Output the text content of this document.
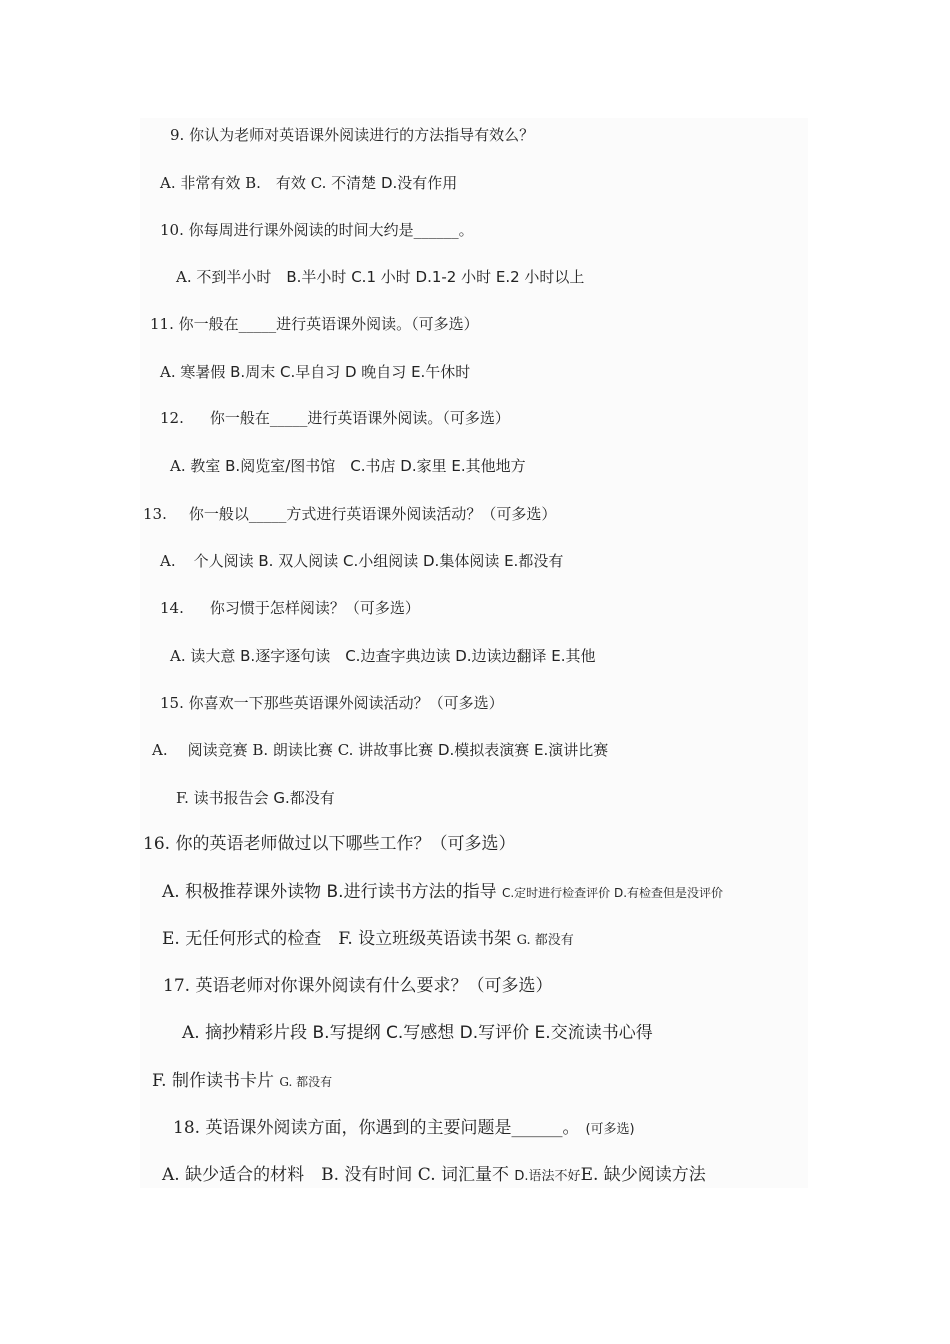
9. 你认为老师对英语课外阅读进行的方法指导有效么？
A. 非常有效 B.　有效 C. 不清楚 D.没有作用
10. 你每周进行课外阅读的时间大约是______。
A. 不到半小时　B.半小时 C.1 小时 D.1-2 小时 E.2 小时以上
11. 你一般在_____进行英语课外阅读。（可多选）
A. 寒暑假 B.周末 C.早自习 D 晚自习 E.午休时
12. 你一般在_____进行英语课外阅读。（可多选）
A. 教室 B.阅览室/图书馆　C.书店 D.家里 E.其他地方
13. 你一般以_____方式进行英语课外阅读活动？（可多选）
A. 个人阅读 B. 双人阅读 C.小组阅读 D.集体阅读 E.都没有
14. 你习惯于怎样阅读？（可多选）
A. 读大意 B.逐字逐句读　C.边查字典边读 D.边读边翻译 E.其他
15. 你喜欢一下那些英语课外阅读活动？（可多选）
A. 阅读竞赛 B. 朗读比赛 C. 讲故事比赛 D.模拟表演赛 E.演讲比赛
F. 读书报告会 G.都没有
16. 你的英语老师做过以下哪些工作？（可多选）
A. 积极推荐课外读物 B.进行读书方法的指导 C.定时进行检查评价 D.有检查但是没评价
E. 无任何形式的检查　F. 设立班级英语读书架 G. 都没有
17. 英语老师对你课外阅读有什么要求？（可多选）
A. 摘抄精彩片段 B.写提纲 C.写感想 D.写评价 E.交流读书心得
F. 制作读书卡片 G. 都没有
18. 英语课外阅读方面，你遇到的主要问题是______。 (可多选)
A. 缺少适合的材料　B. 没有时间 C. 词汇量不 D.语法不好E. 缺少阅读方法
